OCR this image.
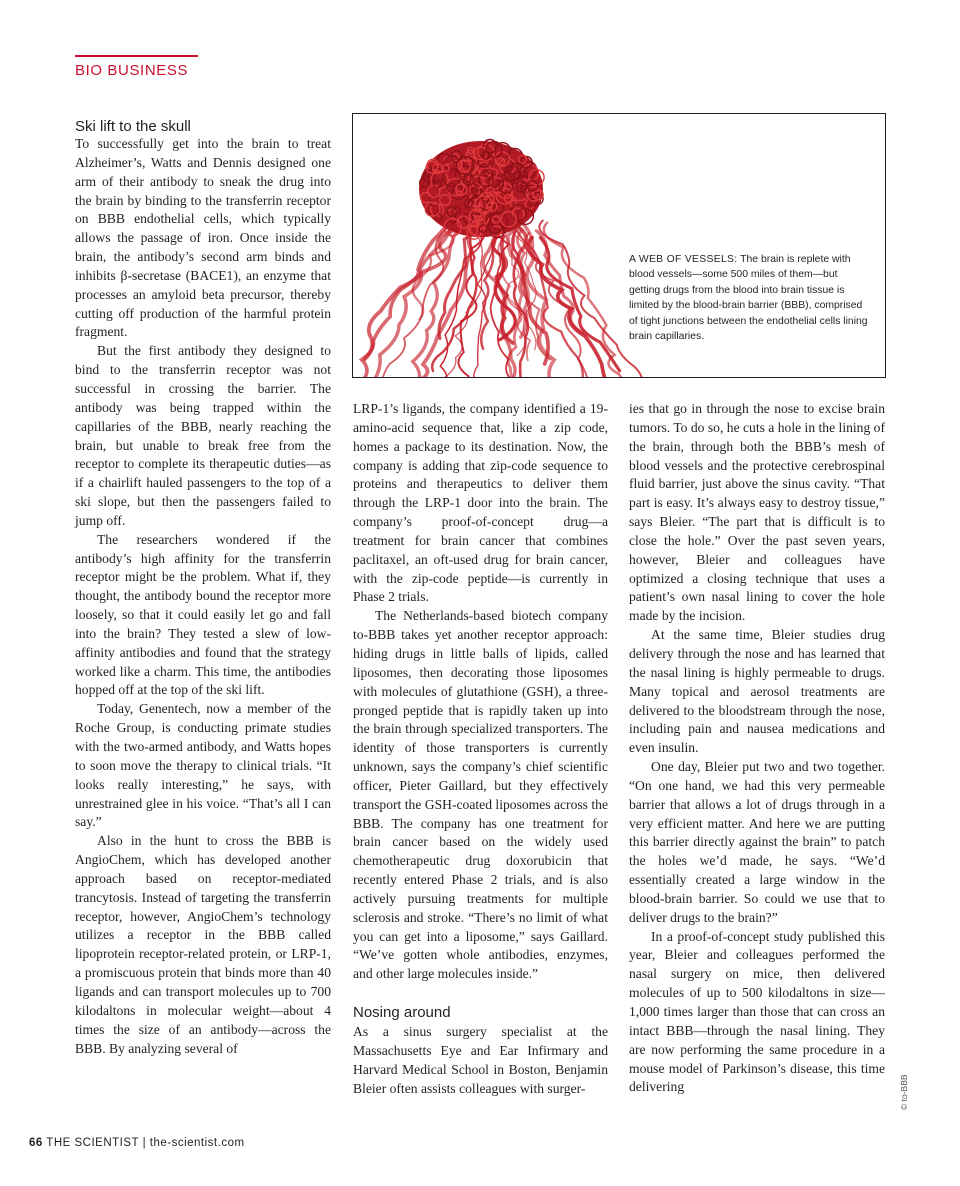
BIO BUSINESS
Ski lift to the skull

To successfully get into the brain to treat Alzheimer’s, Watts and Dennis designed one arm of their antibody to sneak the drug into the brain by binding to the transferrin receptor on BBB endothelial cells, which typically allows the passage of iron. Once inside the brain, the antibody’s second arm binds and inhibits β-secretase (BACE1), an enzyme that processes an amyloid beta precursor, thereby cutting off production of the harmful protein fragment.

But the first antibody they designed to bind to the transferrin receptor was not successful in crossing the barrier. The antibody was being trapped within the capillaries of the BBB, nearly reaching the brain, but unable to break free from the receptor to complete its therapeutic duties—as if a chairlift hauled passengers to the top of a ski slope, but then the passengers failed to jump off.

The researchers wondered if the antibody’s high affinity for the transferrin receptor might be the problem. What if, they thought, the antibody bound the receptor more loosely, so that it could easily let go and fall into the brain? They tested a slew of low-affinity antibodies and found that the strategy worked like a charm. This time, the antibodies hopped off at the top of the ski lift.

Today, Genentech, now a member of the Roche Group, is conducting primate studies with the two-armed antibody, and Watts hopes to soon move the therapy to clinical trials. “It looks really interesting,” he says, with unrestrained glee in his voice. “That’s all I can say.”

Also in the hunt to cross the BBB is AngioChem, which has developed another approach based on receptor-mediated trancytosis. Instead of targeting the transferrin receptor, however, AngioChem’s technology utilizes a receptor in the BBB called lipoprotein receptor-related protein, or LRP-1, a promiscuous protein that binds more than 40 ligands and can transport molecules up to 700 kilodaltons in molecular weight—about 4 times the size of an antibody—across the BBB. By analyzing several of

A WEB OF VESSELS: The brain is replete with blood vessels—some 500 miles of them—but getting drugs from the blood into brain tissue is limited by the blood-brain barrier (BBB), comprised of tight junctions between the endothelial cells lining brain capillaries.

LRP-1’s ligands, the company identified a 19-amino-acid sequence that, like a zip code, homes a package to its destination. Now, the company is adding that zip-code sequence to proteins and therapeutics to deliver them through the LRP-1 door into the brain. The company’s proof-of-concept drug—a treatment for brain cancer that combines paclitaxel, an oft-used drug for brain cancer, with the zip-code peptide—is currently in Phase 2 trials.

The Netherlands-based biotech company to-BBB takes yet another receptor approach: hiding drugs in little balls of lipids, called liposomes, then decorating those liposomes with molecules of glutathione (GSH), a three-pronged peptide that is rapidly taken up into the brain through specialized transporters. The identity of those transporters is currently unknown, says the company’s chief scientific officer, Pieter Gaillard, but they effectively transport the GSH-coated liposomes across the BBB. The company has one treatment for brain cancer based on the widely used chemotherapeutic drug doxorubicin that recently entered Phase 2 trials, and is also actively pursuing treatments for multiple sclerosis and stroke. “There’s no limit of what you can get into a liposome,” says Gaillard. “We’ve gotten whole antibodies, enzymes, and other large molecules inside.”

Nosing around

As a sinus surgery specialist at the Massachusetts Eye and Ear Infirmary and Harvard Medical School in Boston, Benjamin Bleier often assists colleagues with surger-

ies that go in through the nose to excise brain tumors. To do so, he cuts a hole in the lining of the brain, through both the BBB’s mesh of blood vessels and the protective cerebrospinal fluid barrier, just above the sinus cavity. “That part is easy. It’s always easy to destroy tissue,” says Bleier. “The part that is difficult is to close the hole.” Over the past seven years, however, Bleier and colleagues have optimized a closing technique that uses a patient’s own nasal lining to cover the hole made by the incision.

At the same time, Bleier studies drug delivery through the nose and has learned that the nasal lining is highly permeable to drugs. Many topical and aerosol treatments are delivered to the bloodstream through the nose, including pain and nausea medications and even insulin.

One day, Bleier put two and two together. “On one hand, we had this very permeable barrier that allows a lot of drugs through in a very efficient matter. And here we are putting this barrier directly against the brain” to patch the holes we’d made, he says. “We’d essentially created a large window in the blood-brain barrier. So could we use that to deliver drugs to the brain?”

In a proof-of-concept study published this year, Bleier and colleagues performed the nasal surgery on mice, then delivered molecules of up to 500 kilodaltons in size—1,000 times larger than those that can cross an intact BBB—through the nasal lining. They are now performing the same procedure in a mouse model of Parkinson’s disease, this time delivering	© to-BBB
66 THE SCIENTIST | the-scientist.com
